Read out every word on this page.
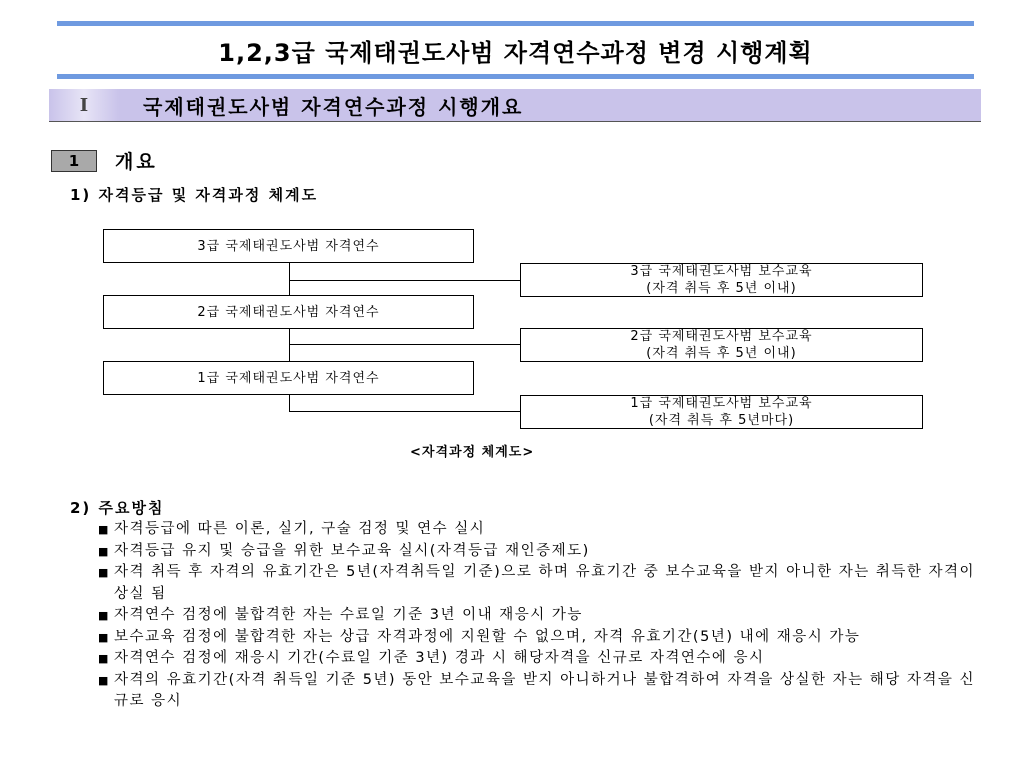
1,2,3급 국제태권도사범 자격연수과정 변경 시행계획
I	국제태권도사범 자격연수과정 시행개요
1	개요
1) 자격등급 및 자격과정 체계도
3급 국제태권도사범 자격연수
2급 국제태권도사범 자격연수
1급 국제태권도사범 자격연수
3급 국제태권도사범 보수교육
(자격 취득 후 5년 이내)
2급 국제태권도사범 보수교육
(자격 취득 후 5년 이내)
1급 국제태권도사범 보수교육
(자격 취득 후 5년마다)
<자격과정 체계도>
2) 주요방침
■ 자격등급에 따른 이론, 실기, 구술 검정 및 연수 실시
■ 자격등급 유지 및 승급을 위한 보수교육 실시(자격등급 재인증제도)
■ 자격 취득 후 자격의 유효기간은 5년(자격취득일 기준)으로 하며 유효기간 중 보수교육을 받지 아니한 자는 취득한 자격이 상실 됨
■ 자격연수 검정에 불합격한 자는 수료일 기준 3년 이내 재응시 가능
■ 보수교육 검정에 불합격한 자는 상급 자격과정에 지원할 수 없으며, 자격 유효기간(5년) 내에 재응시 가능
■ 자격연수 검정에 재응시 기간(수료일 기준 3년) 경과 시 해당자격을 신규로 자격연수에 응시
■ 자격의 유효기간(자격 취득일 기준 5년) 동안 보수교육을 받지 아니하거나 불합격하여 자격을 상실한 자는 해당 자격을 신규로 응시
